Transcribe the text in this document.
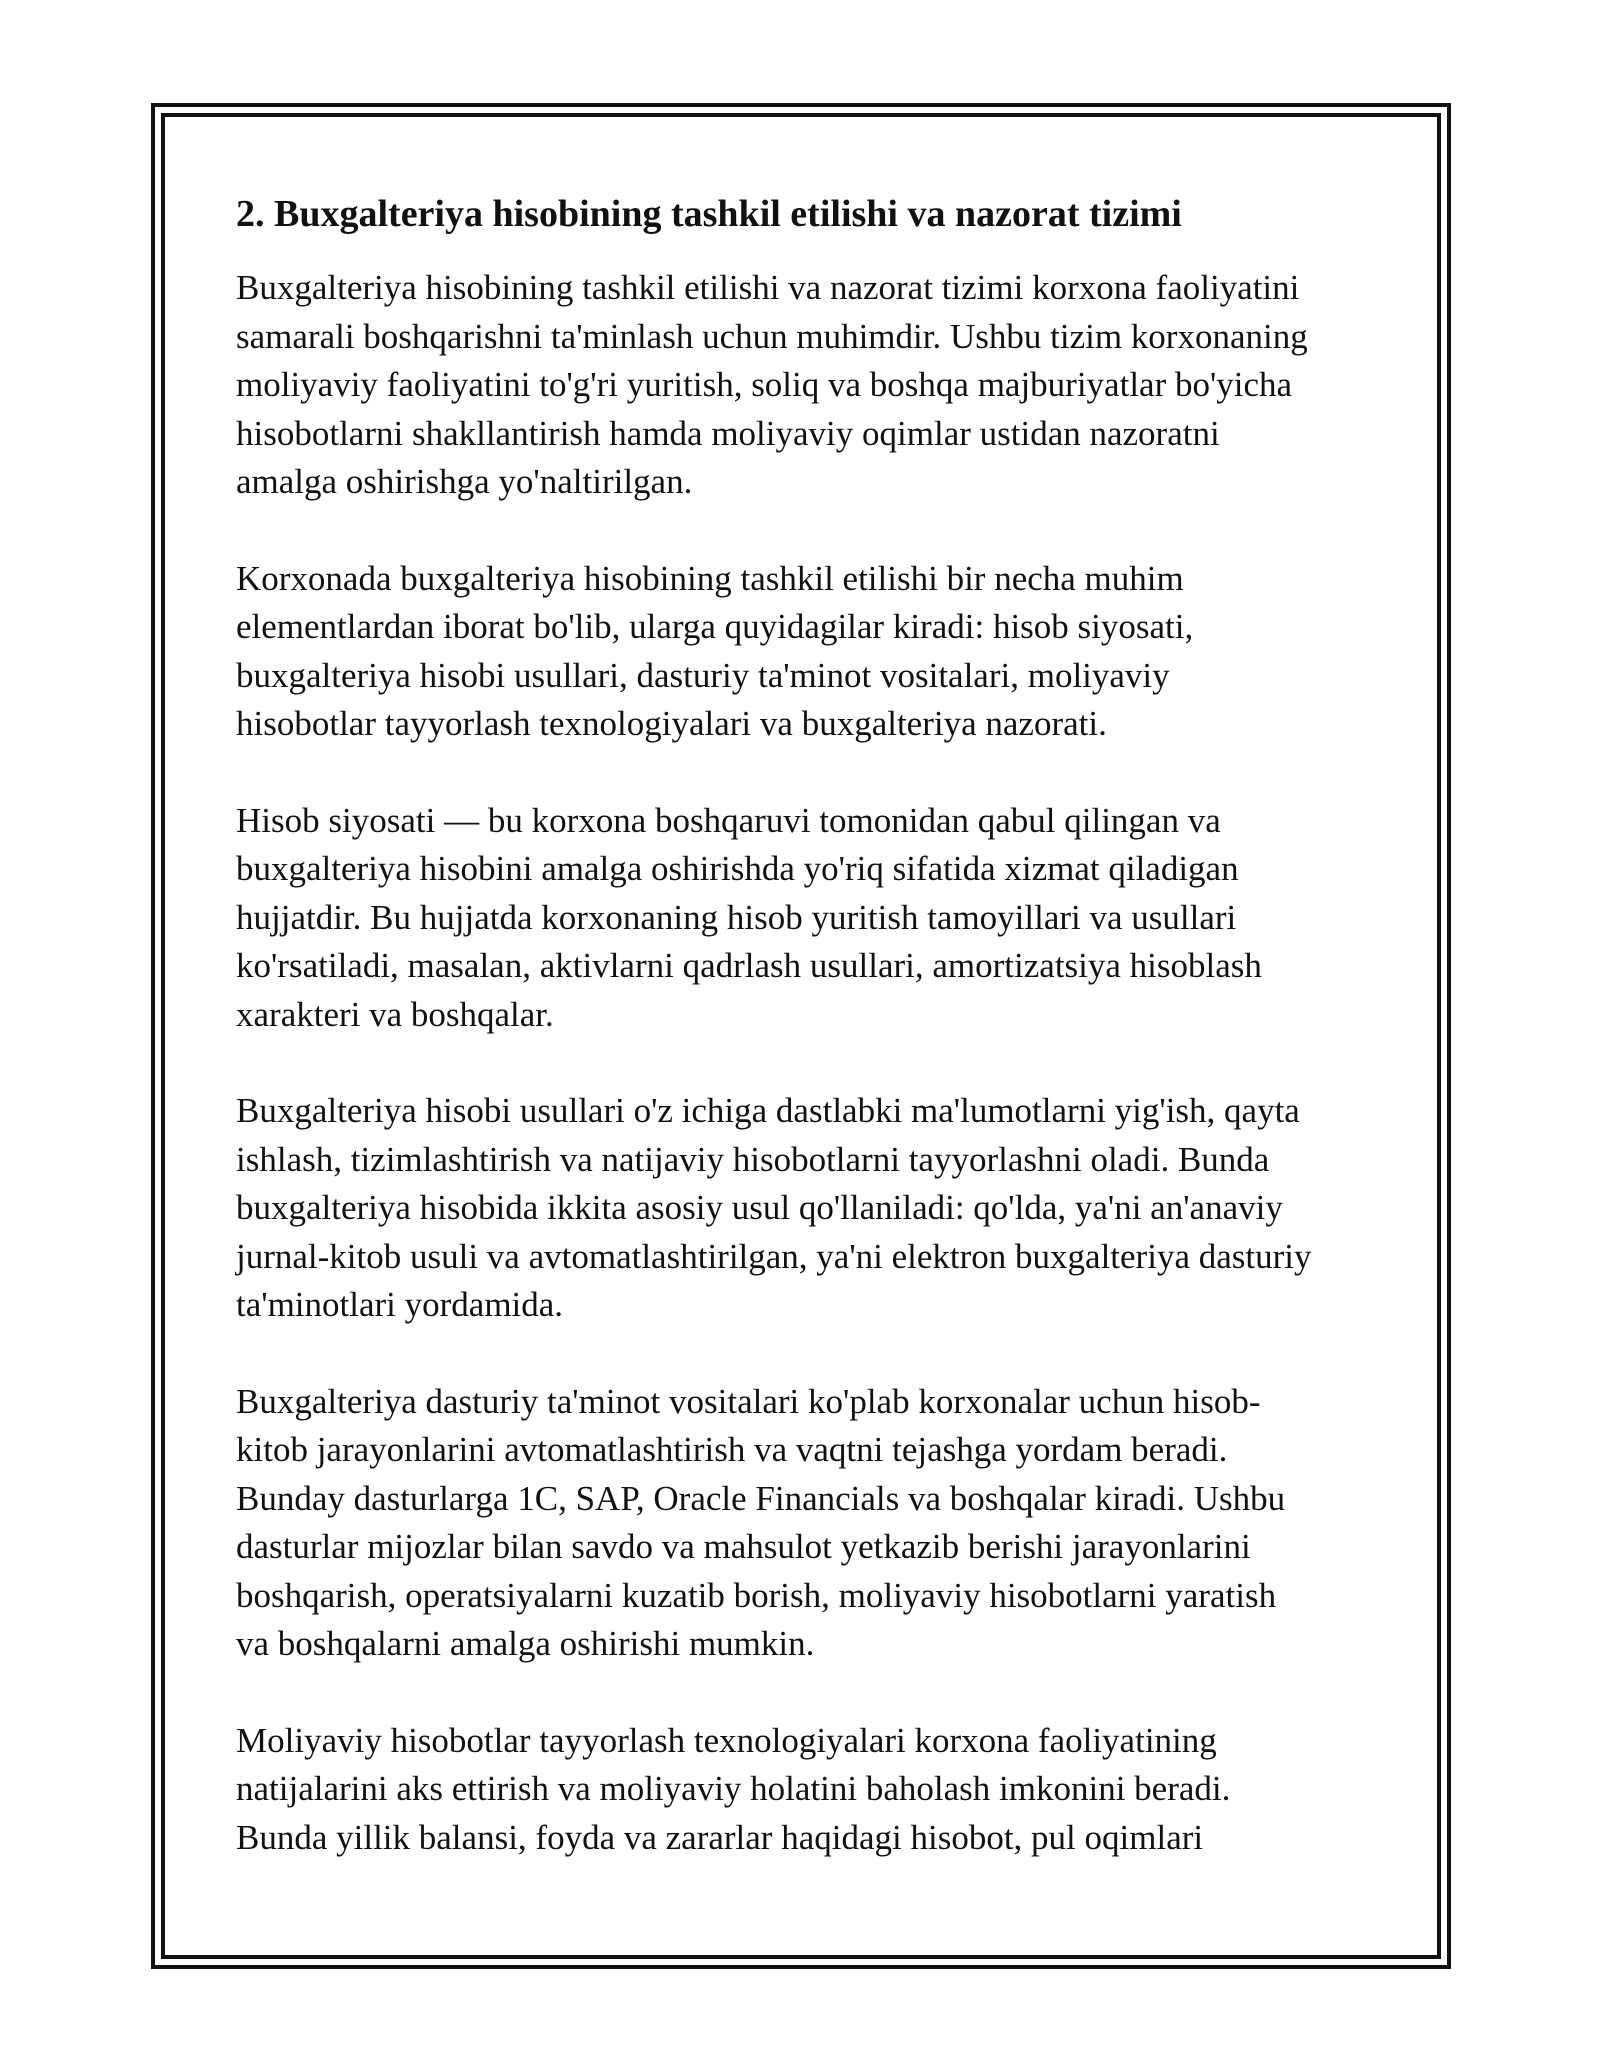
2. Buxgalteriya hisobining tashkil etilishi va nazorat tizimi

Buxgalteriya hisobining tashkil etilishi va nazorat tizimi korxona faoliyatini
samarali boshqarishni ta'minlash uchun muhimdir. Ushbu tizim korxonaning
moliyaviy faoliyatini to'g'ri yuritish, soliq va boshqa majburiyatlar bo'yicha
hisobotlarni shakllantirish hamda moliyaviy oqimlar ustidan nazoratni
amalga oshirishga yo'naltirilgan.

Korxonada buxgalteriya hisobining tashkil etilishi bir necha muhim
elementlardan iborat bo'lib, ularga quyidagilar kiradi: hisob siyosati,
buxgalteriya hisobi usullari, dasturiy ta'minot vositalari, moliyaviy
hisobotlar tayyorlash texnologiyalari va buxgalteriya nazorati.

Hisob siyosati — bu korxona boshqaruvi tomonidan qabul qilingan va
buxgalteriya hisobini amalga oshirishda yo'riq sifatida xizmat qiladigan
hujjatdir. Bu hujjatda korxonaning hisob yuritish tamoyillari va usullari
ko'rsatiladi, masalan, aktivlarni qadrlash usullari, amortizatsiya hisoblash
xarakteri va boshqalar.

Buxgalteriya hisobi usullari o'z ichiga dastlabki ma'lumotlarni yig'ish, qayta
ishlash, tizimlashtirish va natijaviy hisobotlarni tayyorlashni oladi. Bunda
buxgalteriya hisobida ikkita asosiy usul qo'llaniladi: qo'lda, ya'ni an'anaviy
jurnal-kitob usuli va avtomatlashtirilgan, ya'ni elektron buxgalteriya dasturiy
ta'minotlari yordamida.

Buxgalteriya dasturiy ta'minot vositalari ko'plab korxonalar uchun hisob-
kitob jarayonlarini avtomatlashtirish va vaqtni tejashga yordam beradi.
Bunday dasturlarga 1C, SAP, Oracle Financials va boshqalar kiradi. Ushbu
dasturlar mijozlar bilan savdo va mahsulot yetkazib berishi jarayonlarini
boshqarish, operatsiyalarni kuzatib borish, moliyaviy hisobotlarni yaratish
va boshqalarni amalga oshirishi mumkin.

Moliyaviy hisobotlar tayyorlash texnologiyalari korxona faoliyatining
natijalarini aks ettirish va moliyaviy holatini baholash imkonini beradi.
Bunda yillik balansi, foyda va zararlar haqidagi hisobot, pul oqimlari
